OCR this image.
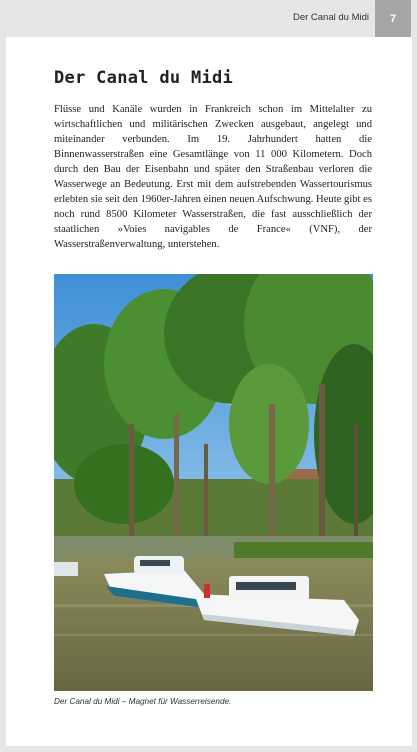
Der Canal du Midi	7
Der Canal du Midi

Flüsse und Kanäle wurden in Frankreich schon im Mittelalter zu wirtschaftlichen und militärischen Zwecken ausgebaut, angelegt und miteinander verbunden. Im 19. Jahrhundert hatten die Binnenwasserstraßen eine Gesamtlänge von 11 000 Kilometern. Doch durch den Bau der Eisenbahn und später den Straßenbau verloren die Wasserwege an Bedeutung. Erst mit dem aufstrebenden Wassertourismus erlebten sie seit den 1960er-Jahren einen neuen Aufschwung. Heute gibt es noch rund 8500 Kilometer Wasserstraßen, die fast ausschließlich der staatlichen »Voies navigables de France« (VNF), der Wasserstraßenverwaltung, unterstehen.

Der Canal du Midi – Magnet für Wasserreisende.
